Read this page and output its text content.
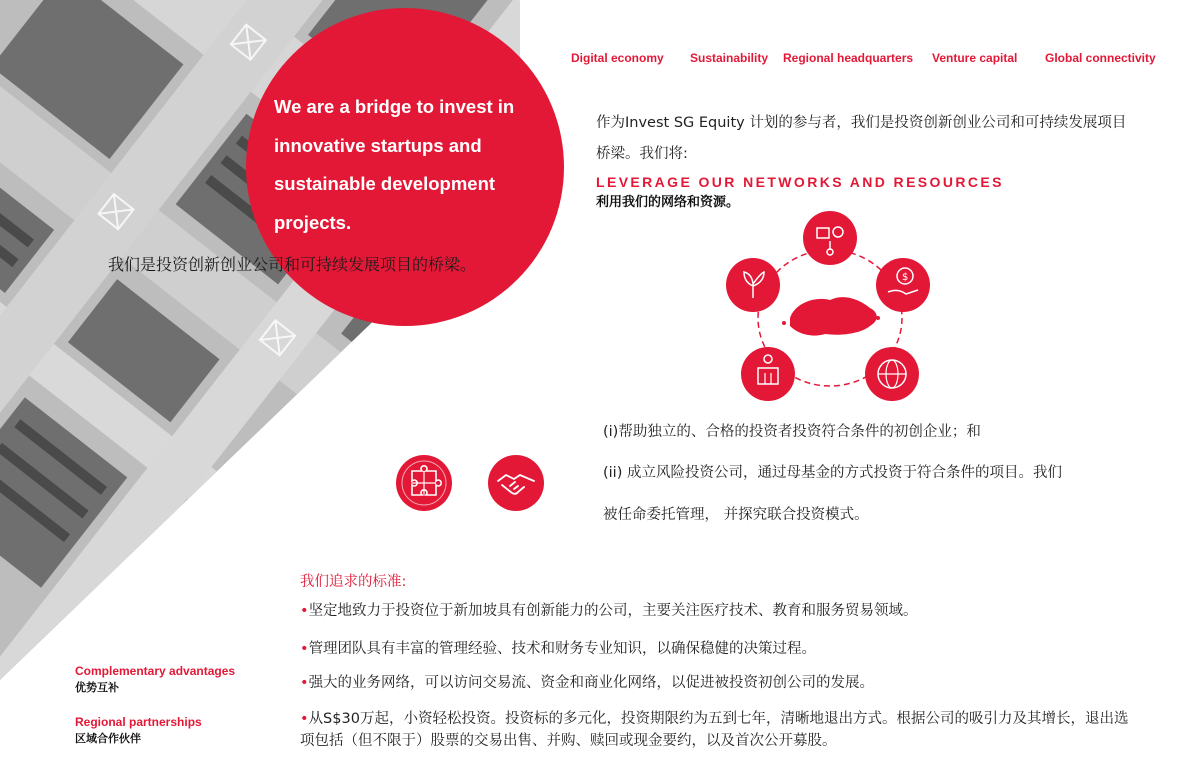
Digital economy Sustainability Regional headquarters Venture capital Global connectivity
We are a bridge to invest in
innovative startups and
sustainable development
projects.
我们是投资创新创业公司和可持续发展项目的桥梁。
作为Invest SG Equity 计划的参与者，我们是投资创新创业公司和可持续发展项目桥梁。我们将:
LEVERAGE OUR NETWORKS AND RESOURCES
利用我们的网络和资源。
$
(i)帮助独立的、合格的投资者投资符合条件的初创企业；和
(ii) 成立风险投资公司，通过母基金的方式投资于符合条件的项目。我们
被任命委托管理， 并探究联合投资模式。
我们追求的标准:
•坚定地致力于投资位于新加坡具有创新能力的公司，主要关注医疗技术、教育和服务贸易领域。
•管理团队具有丰富的管理经验、技术和财务专业知识，以确保稳健的决策过程。
•强大的业务网络，可以访问交易流、资金和商业化网络，以促进被投资初创公司的发展。
•从S$30万起，小资轻松投资。投资标的多元化，投资期限约为五到七年，清晰地退出方式。根据公司的吸引力及其增长，退出选项包括（但不限于）股票的交易出售、并购、赎回或现金要约，以及首次公开募股。
Complementary advantages
优势互补
Regional partnerships
区域合作伙伴
